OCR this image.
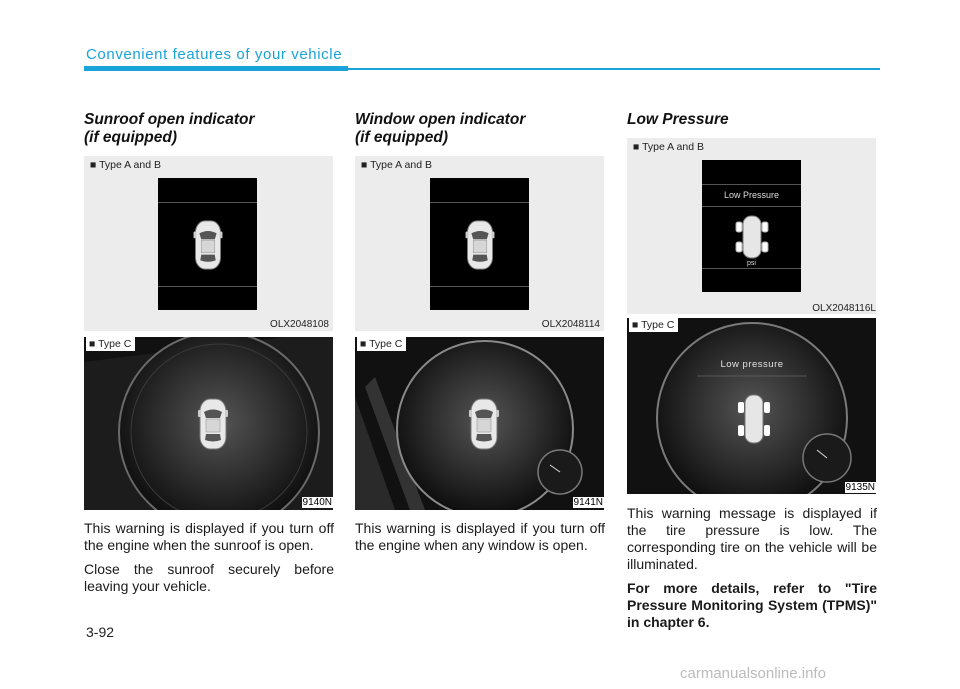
Convenient features of your vehicle
Sunroof open indicator
(if equipped)
■ Type A and B
OLX2048108
■ Type C
9140N

This warning is displayed if you turn off the engine when the sunroof is open.

Close the sunroof securely before leaving your vehicle.

Window open indicator
(if equipped)
■ Type A and B
OLX2048114
■ Type C
9141N

This warning is displayed if you turn off the engine when any window is open.

Low Pressure
■ Type A and B
Low Pressure
psi
OLX2048116L
Low pressure
■ Type C
9135N

This warning message is displayed if the tire pressure is low. The corresponding tire on the vehicle will be illuminated.

For more details, refer to "Tire Pressure Monitoring System (TPMS)" in chapter 6.

3-92
carmanualsonline.info
